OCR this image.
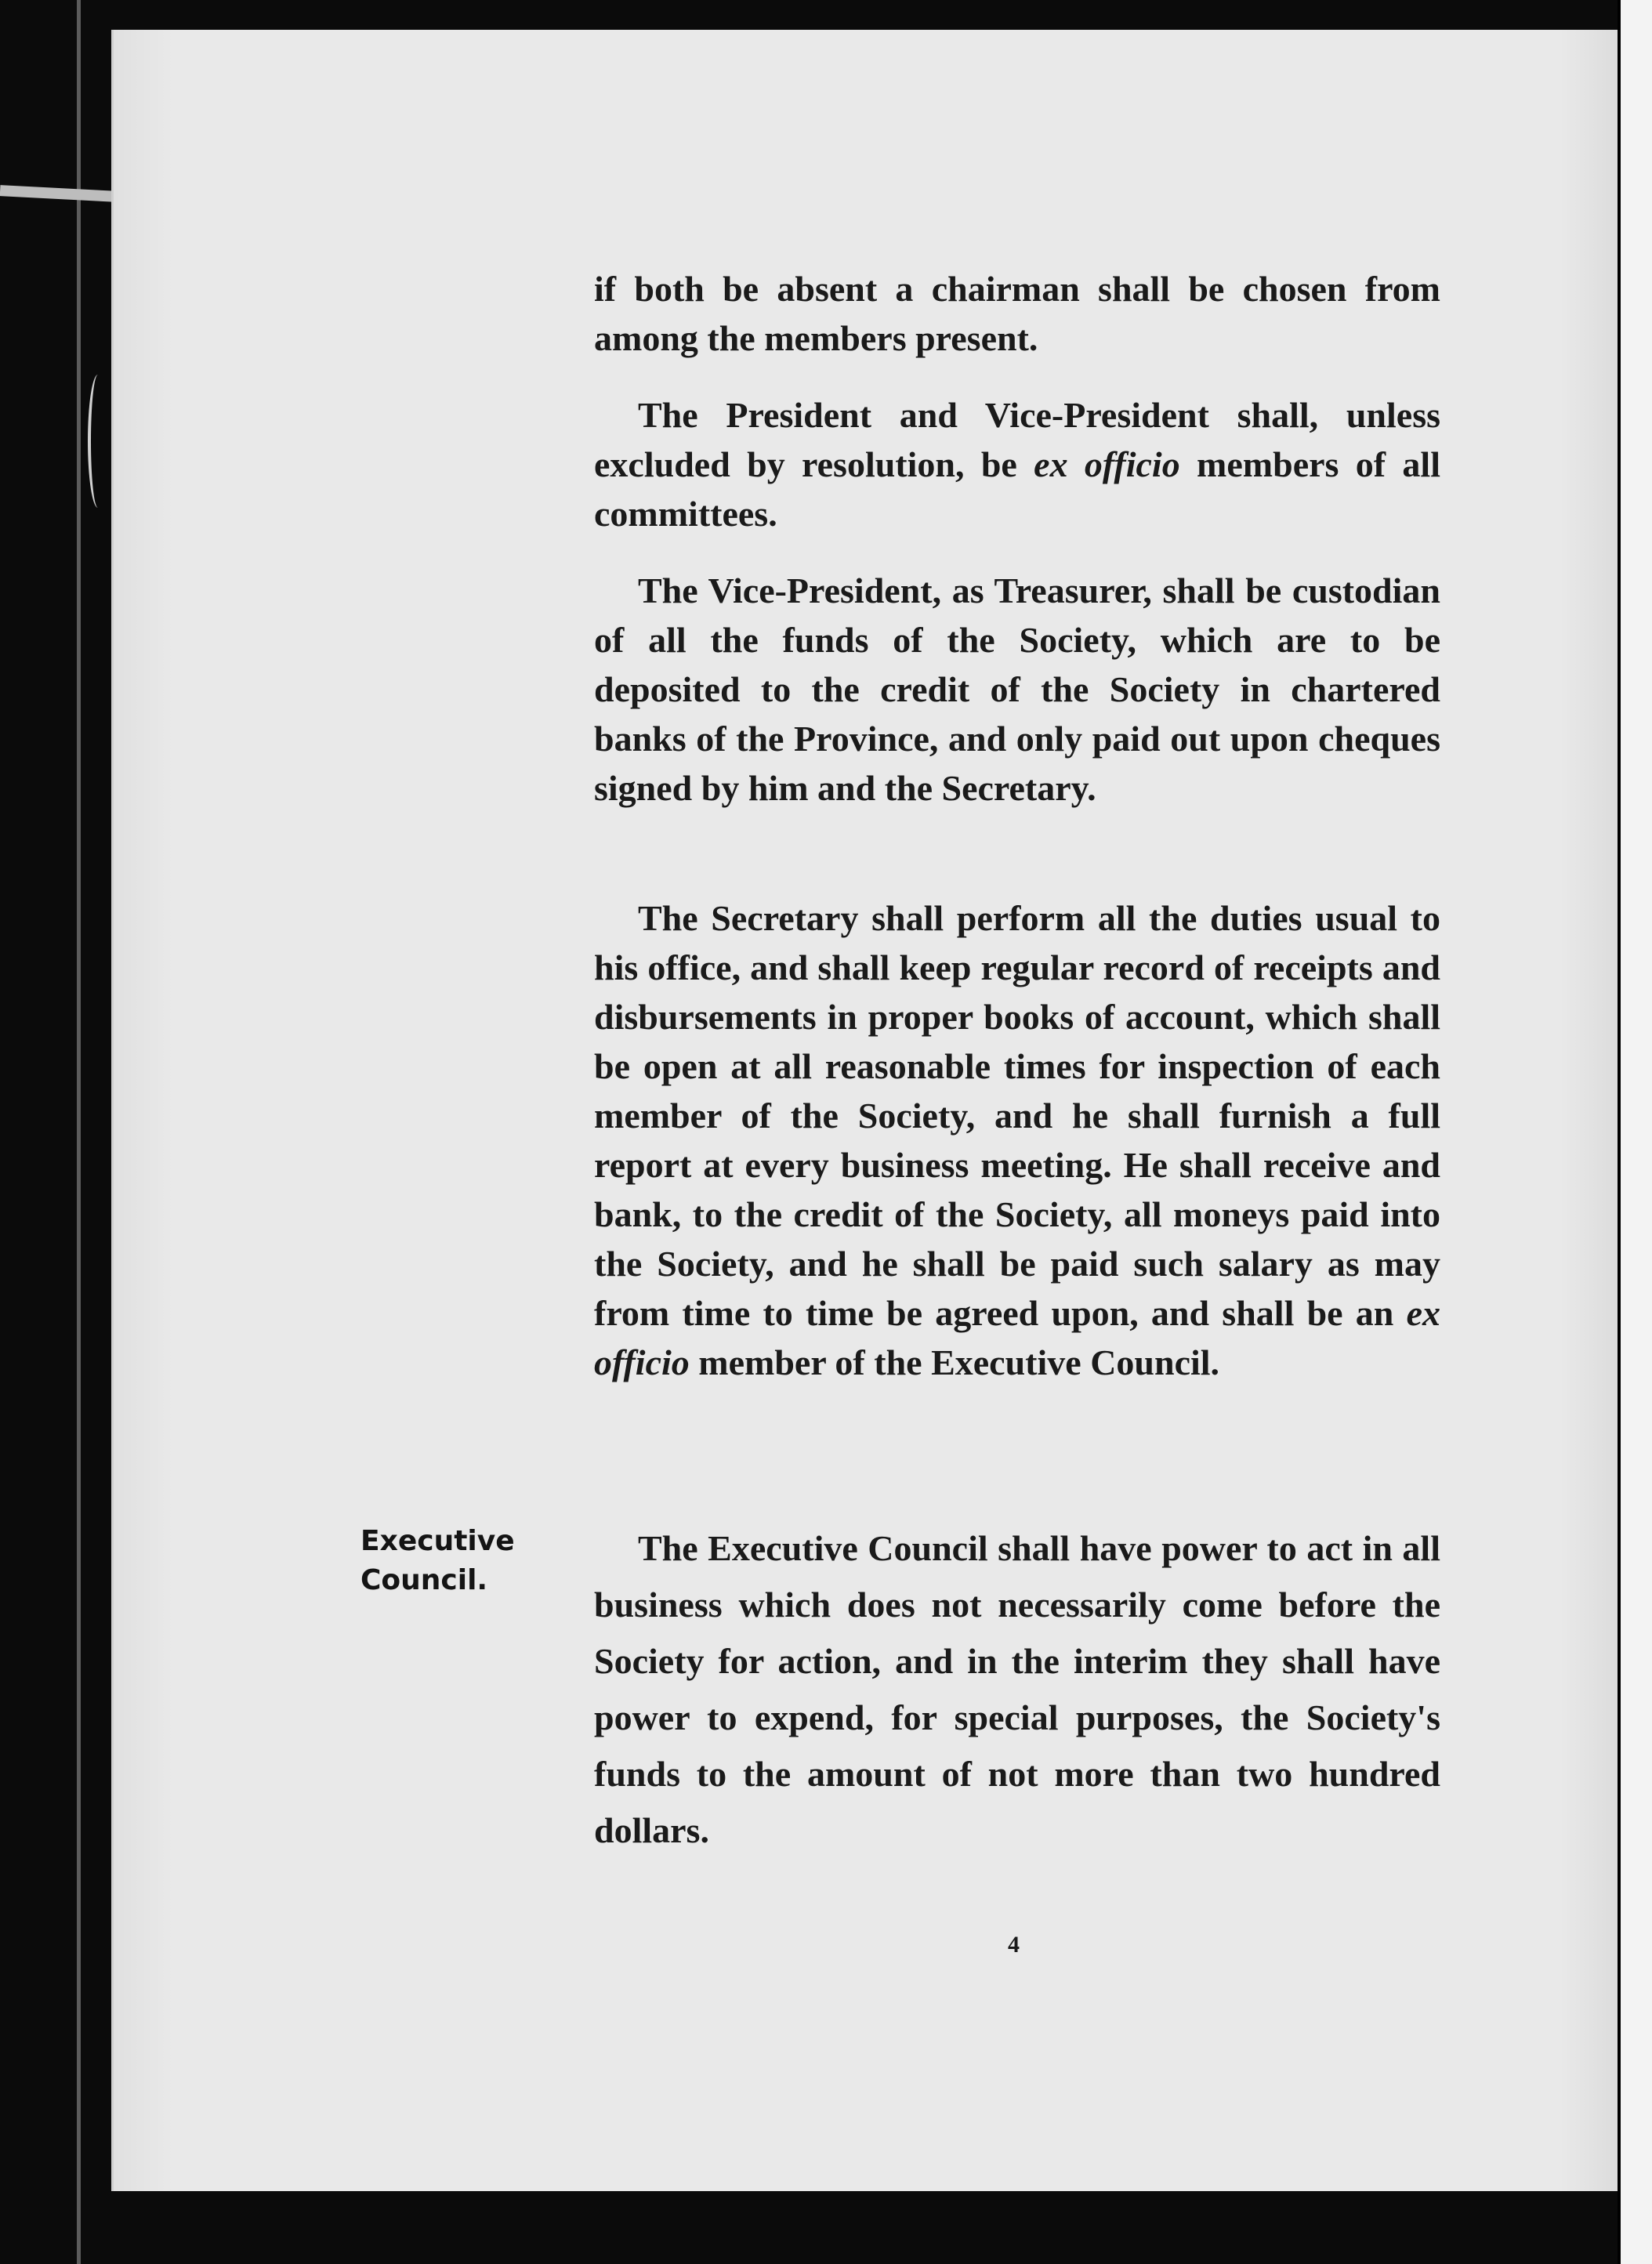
if both be absent a chairman shall be chosen from among the members present.
The President and Vice-President shall, unless excluded by resolution, be ex officio members of all committees.
The Vice-President, as Treasurer, shall be custodian of all the funds of the Society, which are to be deposited to the credit of the Society in chartered banks of the Province, and only paid out upon cheques signed by him and the Secretary.
The Secretary shall perform all the duties usual to his office, and shall keep regular record of receipts and disbursements in proper books of account, which shall be open at all reasonable times for inspection of each member of the Society, and he shall furnish a full report at every business meeting. He shall receive and bank, to the credit of the Society, all moneys paid into the Society, and he shall be paid such salary as may from time to time be agreed upon, and shall be an ex officio member of the Executive Council.
The Executive Council shall have power to act in all business which does not necessarily come before the Society for action, and in the interim they shall have power to expend, for special purposes, the Society's funds to the amount of not more than two hundred dollars.
Executive
Council.
4
